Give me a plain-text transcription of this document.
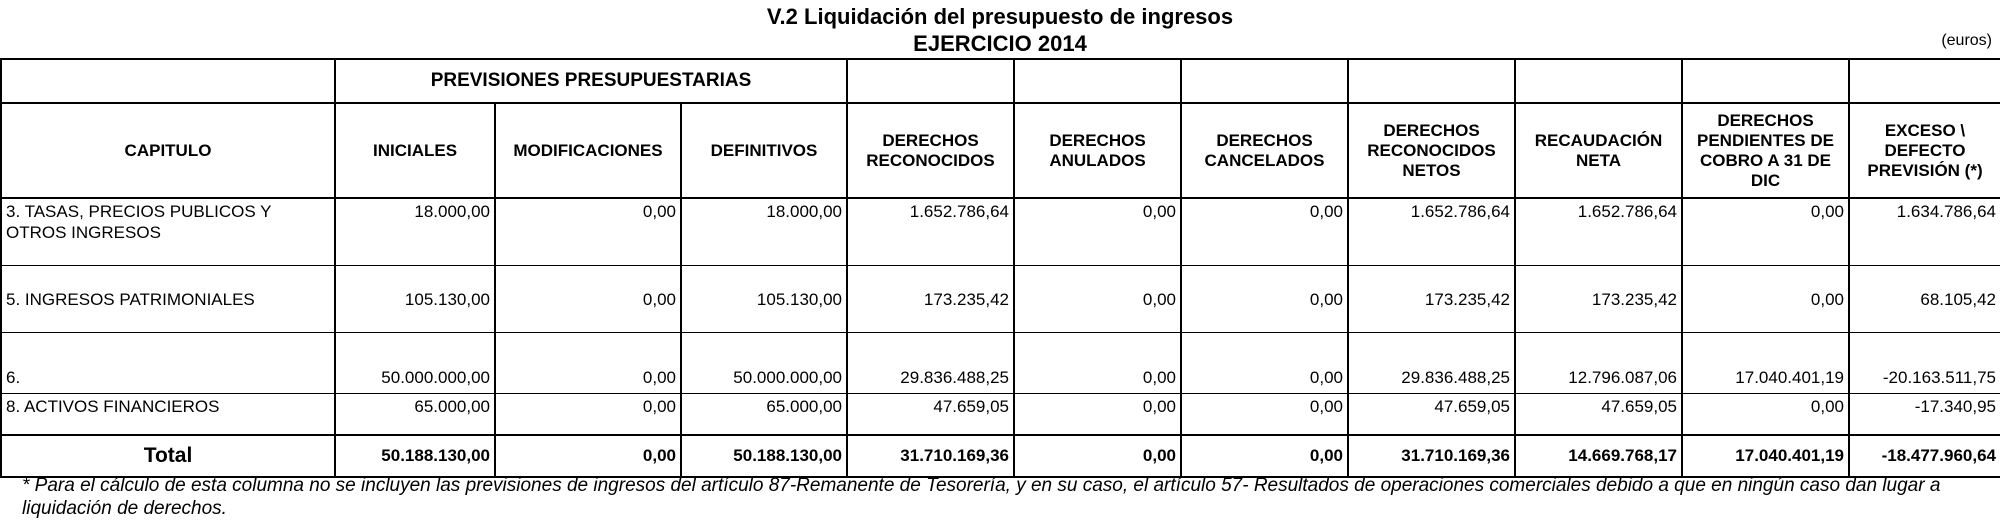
V.2 Liquidación del presupuesto de ingresos
EJERCICIO 2014	(euros)
	PREVISIONES PRESUPUESTARIAS									
CAPITULO	INICIALES	MODIFICACIONES	DEFINITIVOS	DERECHOS RECONOCIDOS	DERECHOS ANULADOS	DERECHOS CANCELADOS	DERECHOS RECONOCIDOS NETOS	RECAUDACIÓN NETA	DERECHOS PENDIENTES DE COBRO A 31 DE DIC	EXCESO \ DEFECTO PREVISIÓN (*)
3. TASAS, PRECIOS PUBLICOS Y OTROS INGRESOS	18.000,00	0,00	18.000,00	1.652.786,64	0,00	0,00	1.652.786,64	1.652.786,64	0,00	1.634.786,64
5. INGRESOS PATRIMONIALES	105.130,00	0,00	105.130,00	173.235,42	0,00	0,00	173.235,42	173.235,42	0,00	68.105,42
6.	50.000.000,00	0,00	50.000.000,00	29.836.488,25	0,00	0,00	29.836.488,25	12.796.087,06	17.040.401,19	-20.163.511,75
8. ACTIVOS FINANCIEROS	65.000,00	0,00	65.000,00	47.659,05	0,00	0,00	47.659,05	47.659,05	0,00	-17.340,95
Total	50.188.130,00	0,00	50.188.130,00	31.710.169,36	0,00	0,00	31.710.169,36	14.669.768,17	17.040.401,19	-18.477.960,64
* Para el cálculo de esta columna no se incluyen las previsiones de ingresos del artículo 87-Remanente de Tesorería, y en su caso, el artículo 57- Resultados de operaciones comerciales debido a que en ningún caso dan lugar a liquidación de derechos.
